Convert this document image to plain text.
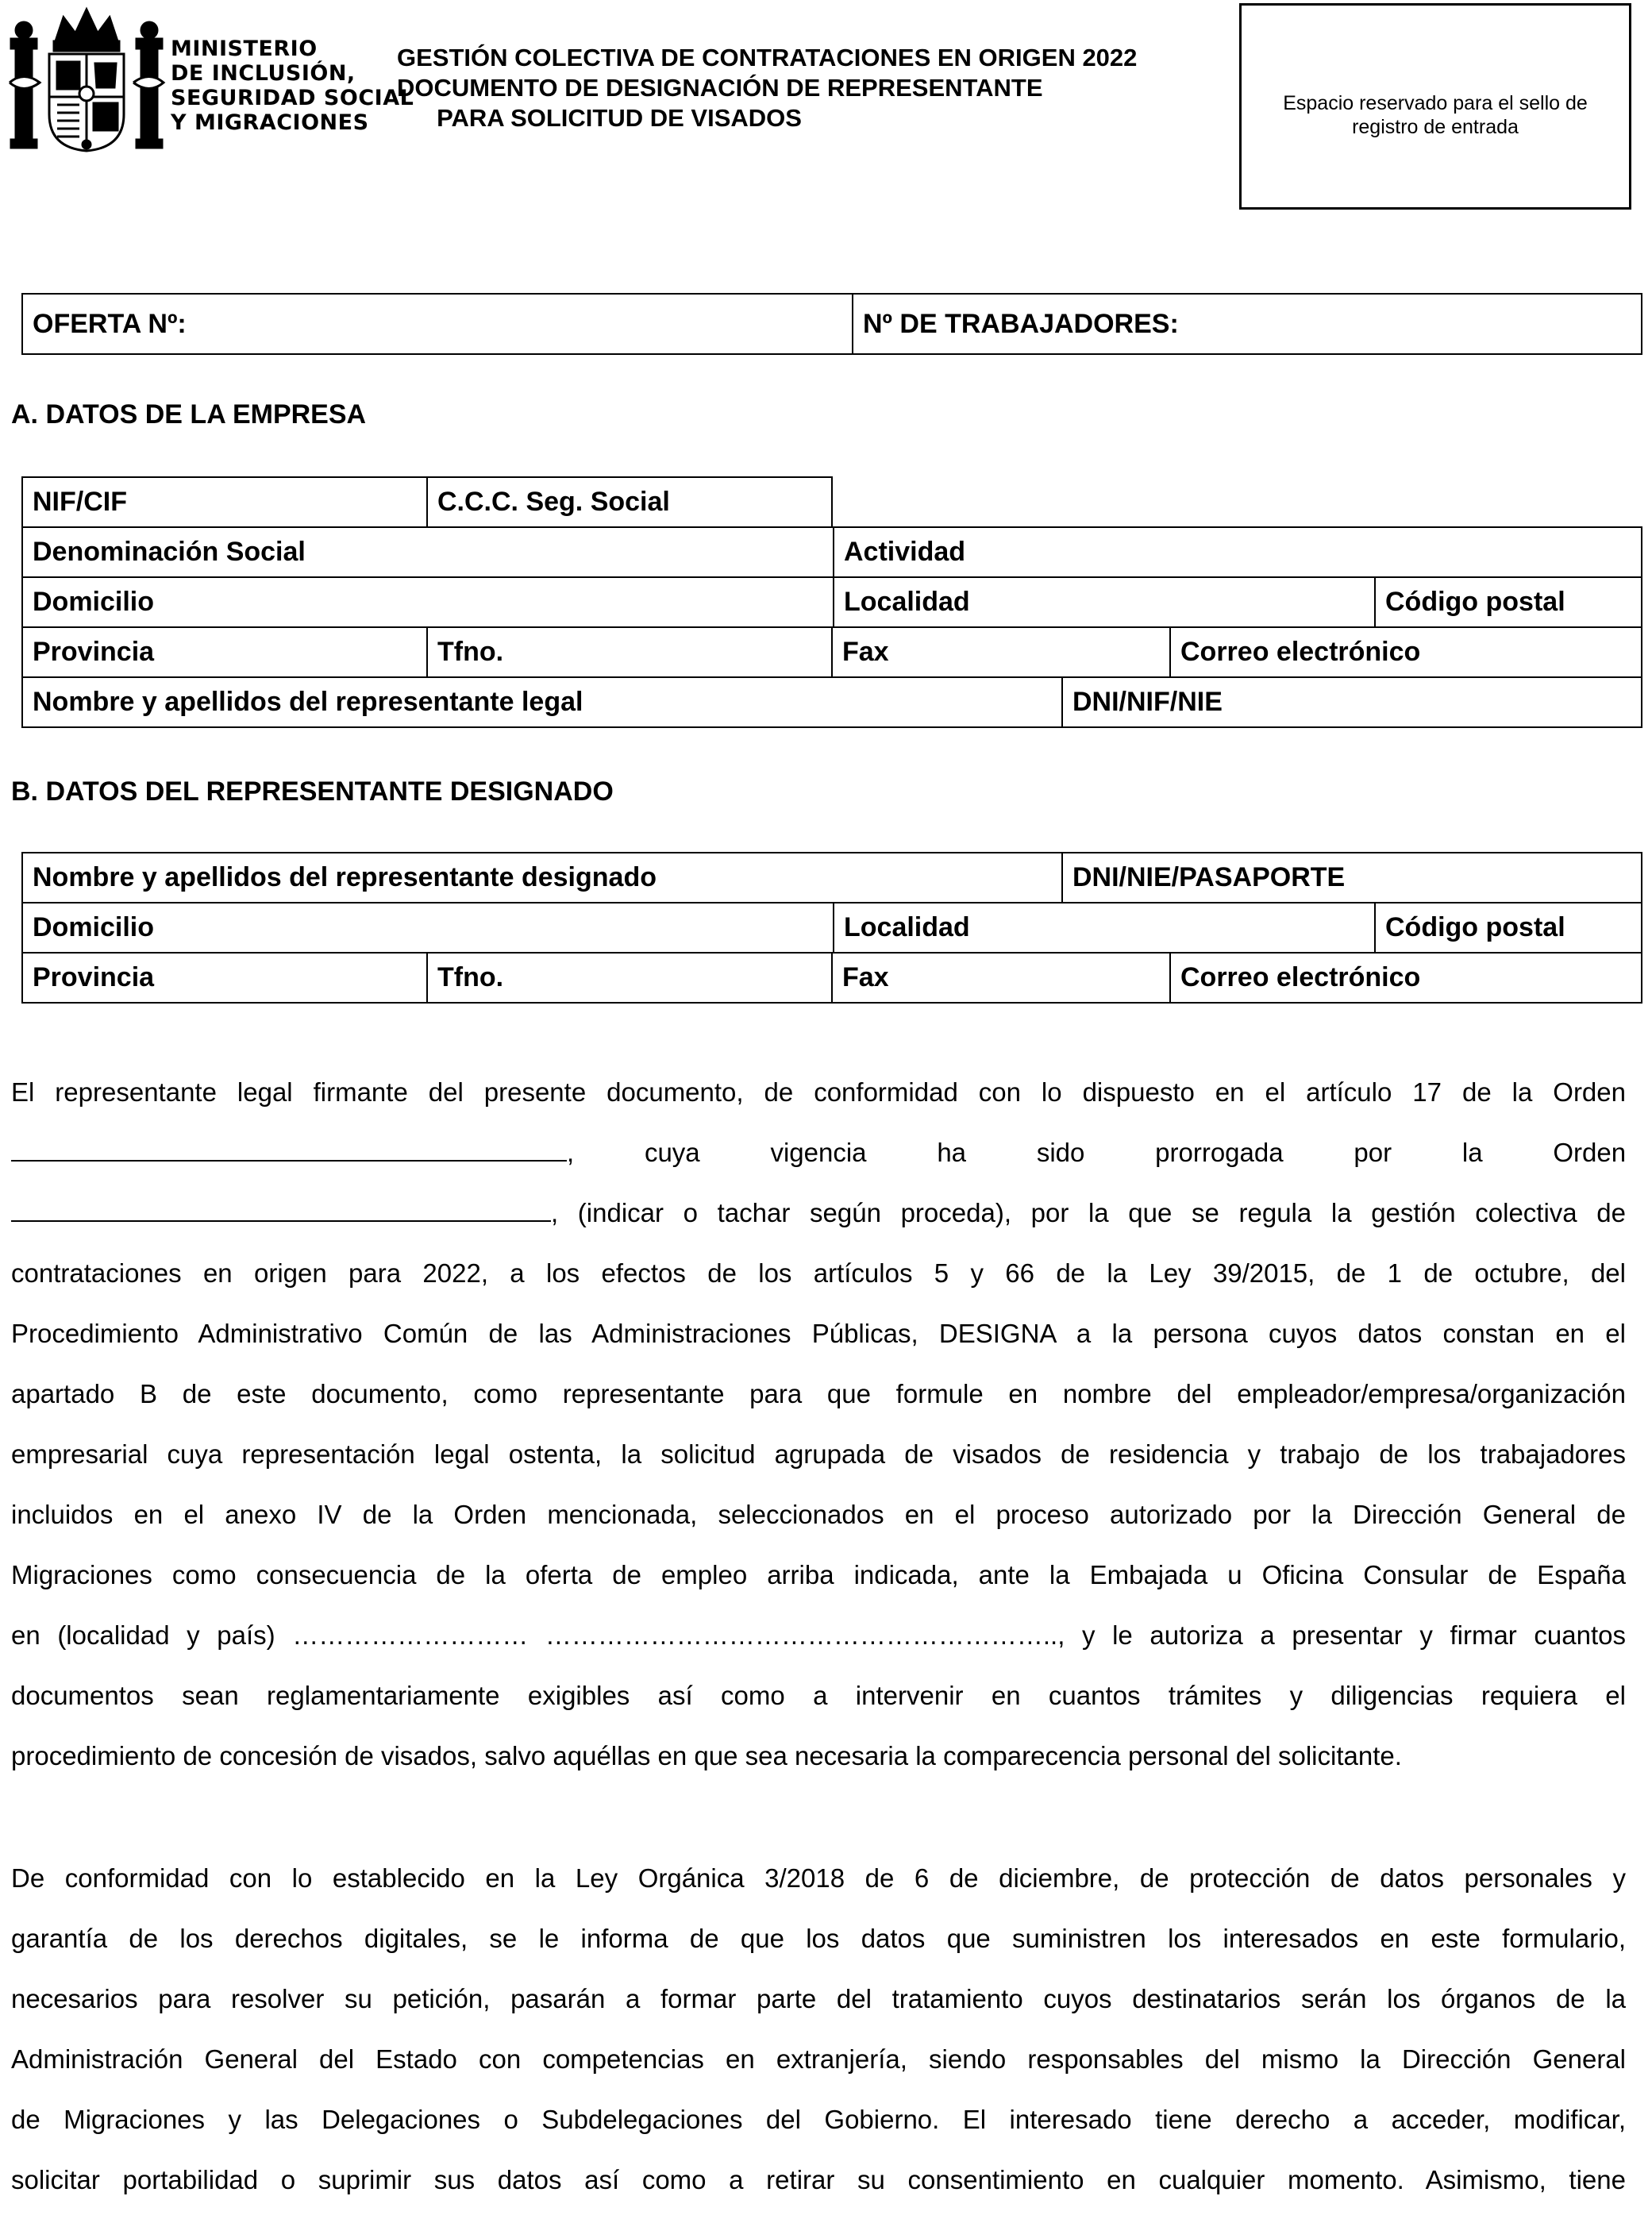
MINISTERIO
DE INCLUSIÓN,
SEGURIDAD SOCIAL
Y MIGRACIONES
GESTIÓN COLECTIVA DE CONTRATACIONES EN ORIGEN 2022
DOCUMENTO DE DESIGNACIÓN DE REPRESENTANTE
PARA SOLICITUD DE VISADOS
Espacio reservado para el sello de
registro de entrada
OFERTA Nº:	Nº DE TRABAJADORES:
A. DATOS DE LA EMPRESA
NIF/CIF	C.C.C. Seg. Social	
Denominación Social	Actividad
Domicilio	Localidad	Código postal
Provincia	Tfno.	Fax	Correo electrónico
Nombre y apellidos del representante legal	DNI/NIF/NIE
B. DATOS DEL REPRESENTANTE DESIGNADO
Nombre y apellidos del representante designado	DNI/NIE/PASAPORTE
Domicilio	Localidad	Código postal
Provincia	Tfno.	Fax	Correo electrónico
El representante legal firmante del presente documento, de conformidad con lo dispuesto en el artículo 17 de la Orden
,	cuya	vigencia	ha	sido	prorrogada	por	la	Orden
, (indicar o tachar según proceda), por la que se regula la gestión colectiva de
contrataciones en origen para 2022, a los efectos de los artículos 5 y 66 de la Ley 39/2015, de 1 de octubre, del
Procedimiento Administrativo Común de las Administraciones Públicas, DESIGNA a la persona cuyos datos constan en el
apartado B de este documento, como representante para que formule en nombre del empleador/empresa/organización
empresarial cuya representación legal ostenta, la solicitud agrupada de visados de residencia y trabajo de los trabajadores
incluidos en el anexo IV de la Orden mencionada, seleccionados en el proceso autorizado por la Dirección General de
Migraciones como consecuencia de la oferta de empleo arriba indicada, ante la Embajada u Oficina Consular de España
en (localidad y país) ……………………… ………………………………………………….., y le autoriza a presentar y firmar cuantos
documentos sean reglamentariamente exigibles así como a intervenir en cuantos trámites y diligencias requiera el
procedimiento de concesión de visados, salvo aquéllas en que sea necesaria la comparecencia personal del solicitante.
De conformidad con lo establecido en la Ley Orgánica 3/2018 de 6 de diciembre, de protección de datos personales y
garantía de los derechos digitales, se le informa de que los datos que suministren los interesados en este formulario,
necesarios para resolver su petición, pasarán a formar parte del tratamiento cuyos destinatarios serán los órganos de la
Administración General del Estado con competencias en extranjería, siendo responsables del mismo la Dirección General
de Migraciones y las Delegaciones o Subdelegaciones del Gobierno. El interesado tiene derecho a acceder, modificar,
solicitar portabilidad o suprimir sus datos así como a retirar su consentimiento en cualquier momento. Asimismo, tiene
